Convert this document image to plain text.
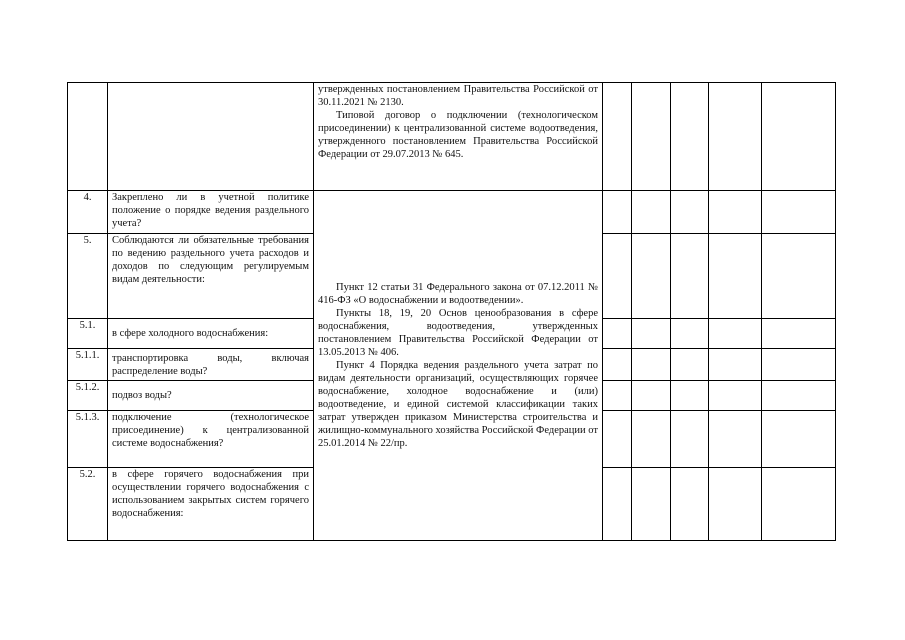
		утвержденных постановлением Правительства Российской от 30.11.2021 № 2130.

Типовой договор о подключении (технологическом присоединении) к централизованной системе водоотведения, утвержденного постановлением Правительства Российской Федерации от 29.07.2013 № 645.					

4.	Закреплено ли в учетной политике положение о порядке ведения раздельного учета?	Пункт 12 статьи 31 Федерального закона от 07.12.2011 № 416-ФЗ «О водоснабжении и водоотведении».

Пункты 18, 19, 20 Основ ценообразования в сфере водоснабжения, водоотведения, утвержденных постановлением Правительства Российской Федерации от 13.05.2013 № 406.

Пункт 4 Порядка ведения раздельного учета затрат по видам деятельности организаций, осуществляющих горячее водоснабжение, холодное водоснабжение и (или) водоотведение, и единой системой классификации таких затрат утвержден приказом Министерства строительства и жилищно-коммунального хозяйства Российской Федерации от 25.01.2014 № 22/пр.					

5.	Соблюдаются ли обязательные требования по ведению раздельного учета расходов и доходов по следующим регулируемым видам деятельности:						
5.1.	в сфере холодного водоснабжения:						
5.1.1.	транспортировка воды, включая распределение воды?						
5.1.2.	подвоз воды?						
5.1.3.	подключение (технологическое присоединение) к централизованной системе водоснабжения?						
5.2.	в сфере горячего водоснабжения при осуществлении горячего водоснабжения с использованием закрытых систем горячего водоснабжения:						
